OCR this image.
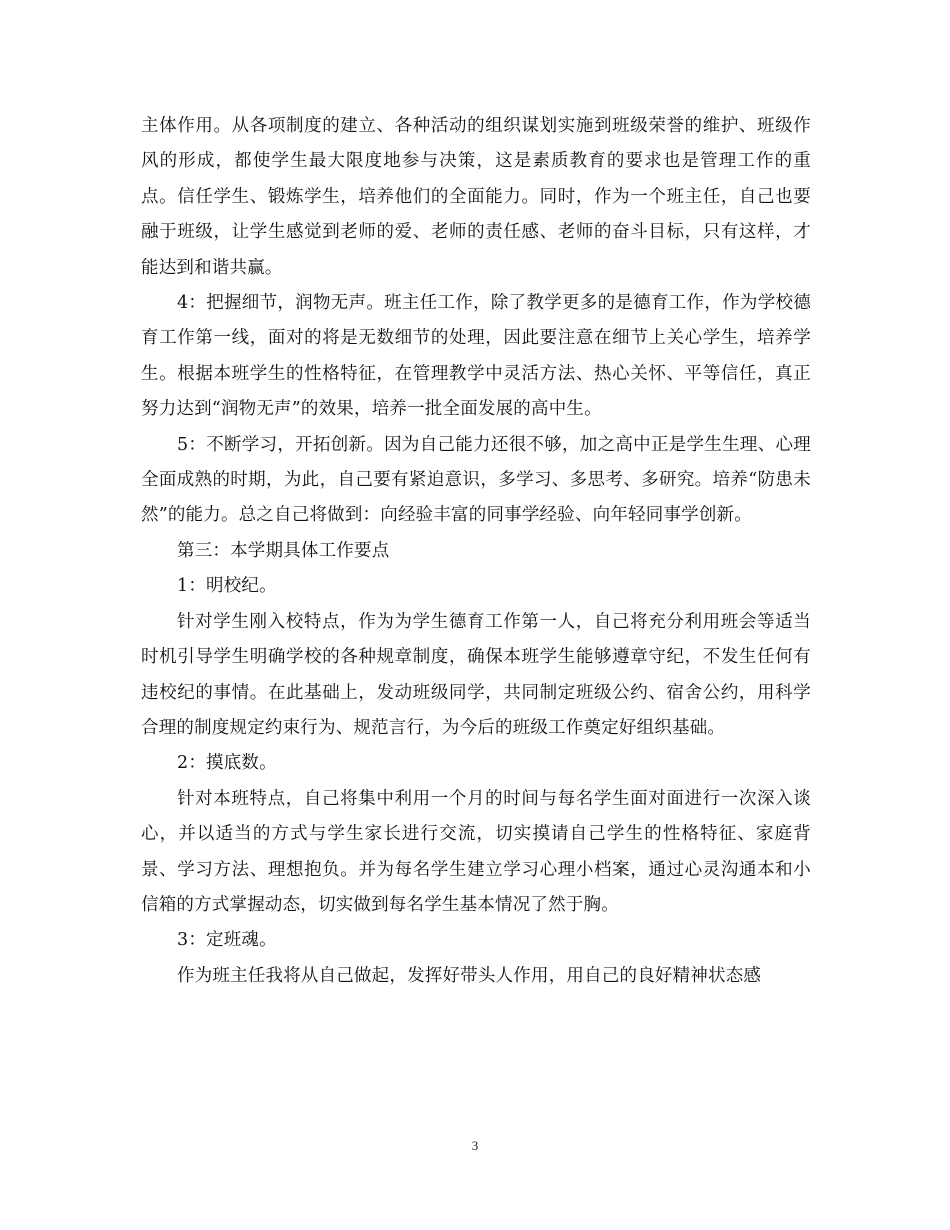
主体作用。从各项制度的建立、各种活动的组织谋划实施到班级荣誉的维护、班级作风的形成，都使学生最大限度地参与决策，这是素质教育的要求也是管理工作的重点。信任学生、锻炼学生，培养他们的全面能力。同时，作为一个班主任，自己也要融于班级，让学生感觉到老师的爱、老师的责任感、老师的奋斗目标，只有这样，才能达到和谐共赢。

4：把握细节，润物无声。班主任工作，除了教学更多的是德育工作，作为学校德育工作第一线，面对的将是无数细节的处理，因此要注意在细节上关心学生，培养学生。根据本班学生的性格特征，在管理教学中灵活方法、热心关怀、平等信任，真正努力达到“润物无声”的效果，培养一批全面发展的高中生。

5：不断学习，开拓创新。因为自己能力还很不够，加之高中正是学生生理、心理全面成熟的时期，为此，自己要有紧迫意识，多学习、多思考、多研究。培养“防患未然”的能力。总之自己将做到：向经验丰富的同事学经验、向年轻同事学创新。

第三：本学期具体工作要点

1：明校纪。

针对学生刚入校特点，作为为学生德育工作第一人，自己将充分利用班会等适当时机引导学生明确学校的各种规章制度，确保本班学生能够遵章守纪，不发生任何有违校纪的事情。在此基础上，发动班级同学，共同制定班级公约、宿舍公约，用科学合理的制度规定约束行为、规范言行，为今后的班级工作奠定好组织基础。

2：摸底数。

针对本班特点，自己将集中利用一个月的时间与每名学生面对面进行一次深入谈心，并以适当的方式与学生家长进行交流，切实摸请自己学生的性格特征、家庭背景、学习方法、理想抱负。并为每名学生建立学习心理小档案，通过心灵沟通本和小信箱的方式掌握动态，切实做到每名学生基本情况了然于胸。

3：定班魂。

作为班主任我将从自己做起，发挥好带头人作用，用自己的良好精神状态感

3
